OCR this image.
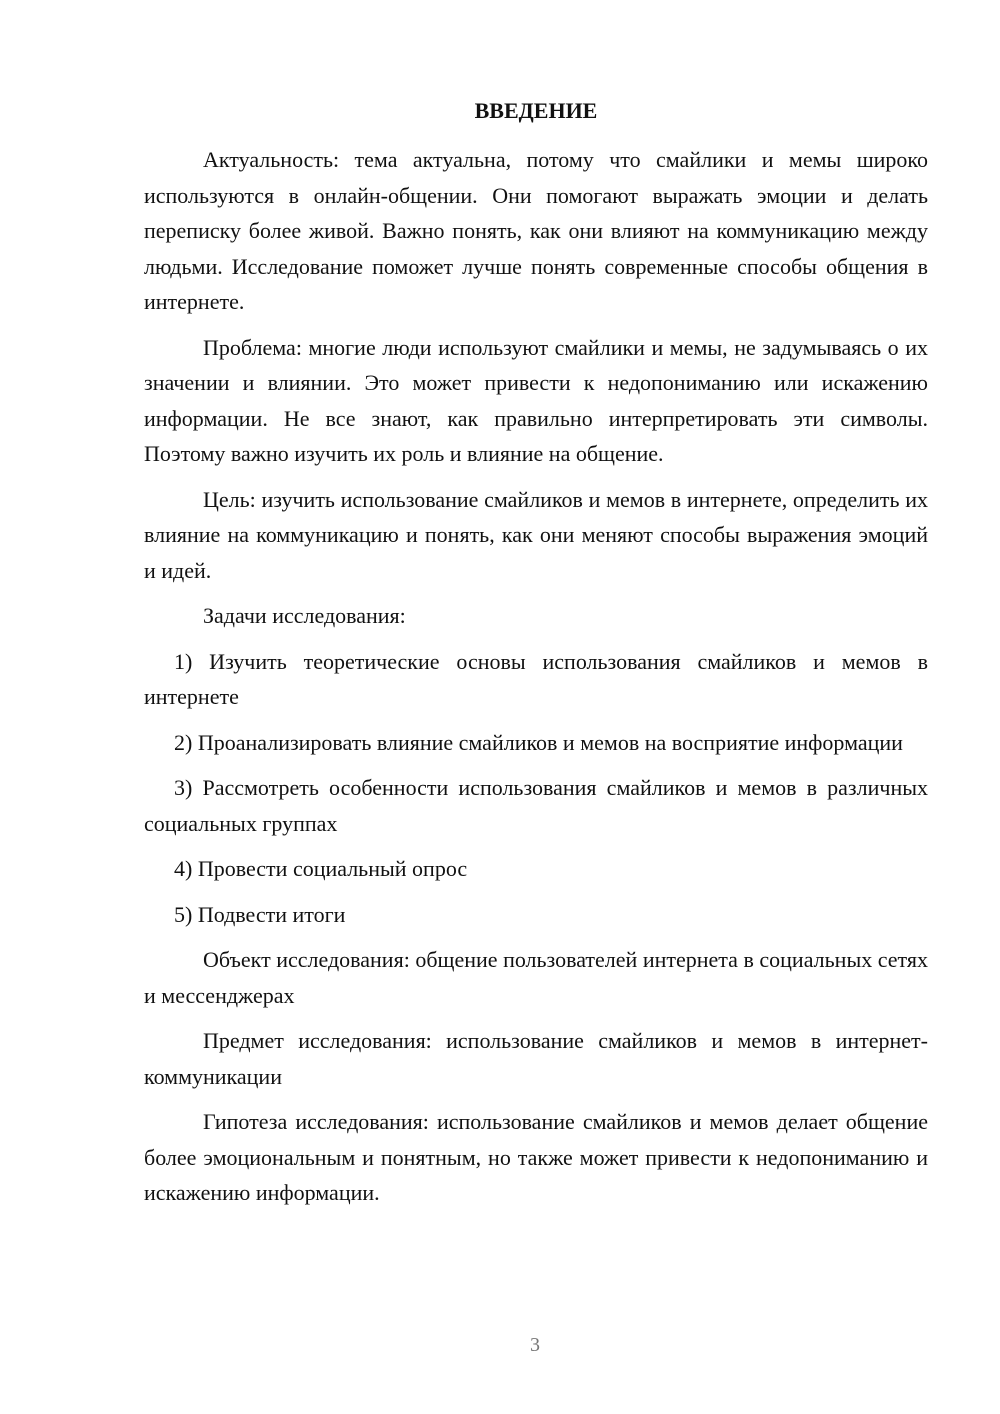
ВВЕДЕНИЕ

Актуальность: тема актуальна, потому что смайлики и мемы широко используются в онлайн-общении. Они помогают выражать эмоции и делать переписку более живой. Важно понять, как они влияют на коммуникацию между людьми. Исследование поможет лучше понять современные способы общения в интернете.

Проблема: многие люди используют смайлики и мемы, не задумываясь о их значении и влиянии. Это может привести к недопониманию или искажению информации. Не все знают, как правильно интерпретировать эти символы. Поэтому важно изучить их роль и влияние на общение.

Цель: изучить использование смайликов и мемов в интернете, определить их влияние на коммуникацию и понять, как они меняют способы выражения эмоций и идей.

Задачи исследования:

1) Изучить теоретические основы использования смайликов и мемов в интернете

2) Проанализировать влияние смайликов и мемов на восприятие информации

3) Рассмотреть особенности использования смайликов и мемов в различных социальных группах

4) Провести социальный опрос

5) Подвести итоги

Объект исследования: общение пользователей интернета в социальных сетях и мессенджерах

Предмет исследования: использование смайликов и мемов в интернет-коммуникации

Гипотеза исследования: использование смайликов и мемов делает общение более эмоциональным и понятным, но также может привести к недопониманию и искажению информации.

3
